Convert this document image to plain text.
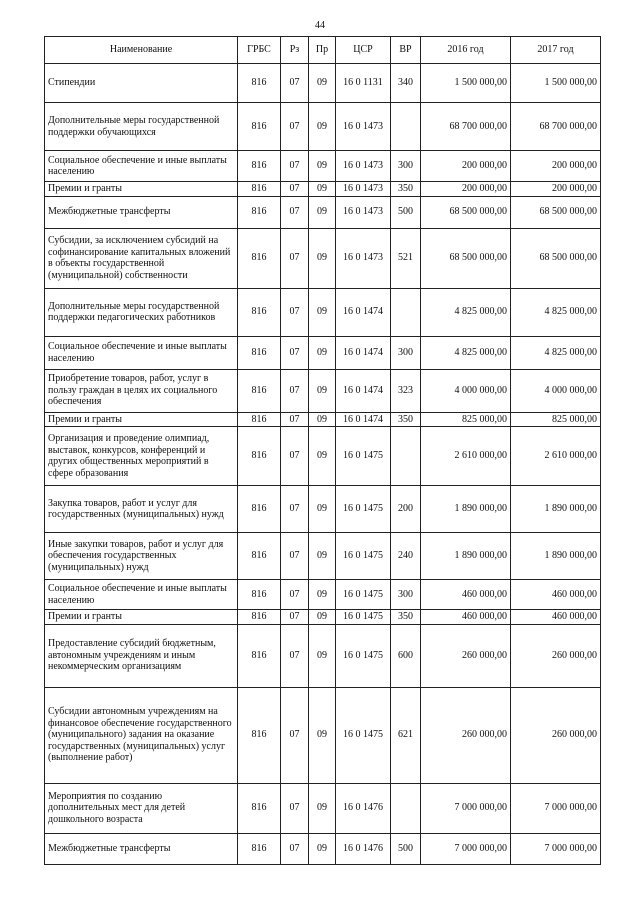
44
Наименование	ГРБС	Рз	Пр	ЦСР	ВР	2016 год	2017 год
Стипендии	816	07	09	16 0 1131	340	1 500 000,00	1 500 000,00
Дополнительные меры государственной поддержки обучающихся	816	07	09	16 0 1473		68 700 000,00	68 700 000,00
Социальное обеспечение и иные выплаты населению	816	07	09	16 0 1473	300	200 000,00	200 000,00
Премии и гранты	816	07	09	16 0 1473	350	200 000,00	200 000,00
Межбюджетные трансферты	816	07	09	16 0 1473	500	68 500 000,00	68 500 000,00
Субсидии, за исключением субсидий на софинансирование капитальных вложений в объекты государственной (муниципальной) собственности	816	07	09	16 0 1473	521	68 500 000,00	68 500 000,00
Дополнительные меры государственной поддержки педагогических работников	816	07	09	16 0 1474		4 825 000,00	4 825 000,00
Социальное обеспечение и иные выплаты населению	816	07	09	16 0 1474	300	4 825 000,00	4 825 000,00
Приобретение товаров, работ, услуг в пользу граждан в целях их социального обеспечения	816	07	09	16 0 1474	323	4 000 000,00	4 000 000,00
Премии и гранты	816	07	09	16 0 1474	350	825 000,00	825 000,00
Организация и проведение олимпиад, выставок, конкурсов, конференций и других общественных мероприятий в сфере образования	816	07	09	16 0 1475		2 610 000,00	2 610 000,00
Закупка товаров, работ и услуг для государственных (муниципальных) нужд	816	07	09	16 0 1475	200	1 890 000,00	1 890 000,00
Иные закупки товаров, работ и услуг для обеспечения государственных (муниципальных) нужд	816	07	09	16 0 1475	240	1 890 000,00	1 890 000,00
Социальное обеспечение и иные выплаты населению	816	07	09	16 0 1475	300	460 000,00	460 000,00
Премии и гранты	816	07	09	16 0 1475	350	460 000,00	460 000,00
Предоставление субсидий бюджетным, автономным учреждениям и иным некоммерческим организациям	816	07	09	16 0 1475	600	260 000,00	260 000,00
Субсидии автономным учреждениям на финансовое обеспечение государственного (муниципального) задания на оказание государственных (муниципальных) услуг (выполнение работ)	816	07	09	16 0 1475	621	260 000,00	260 000,00
Мероприятия по созданию дополнительных мест для детей дошкольного возраста	816	07	09	16 0 1476		7 000 000,00	7 000 000,00
Межбюджетные трансферты	816	07	09	16 0 1476	500	7 000 000,00	7 000 000,00
